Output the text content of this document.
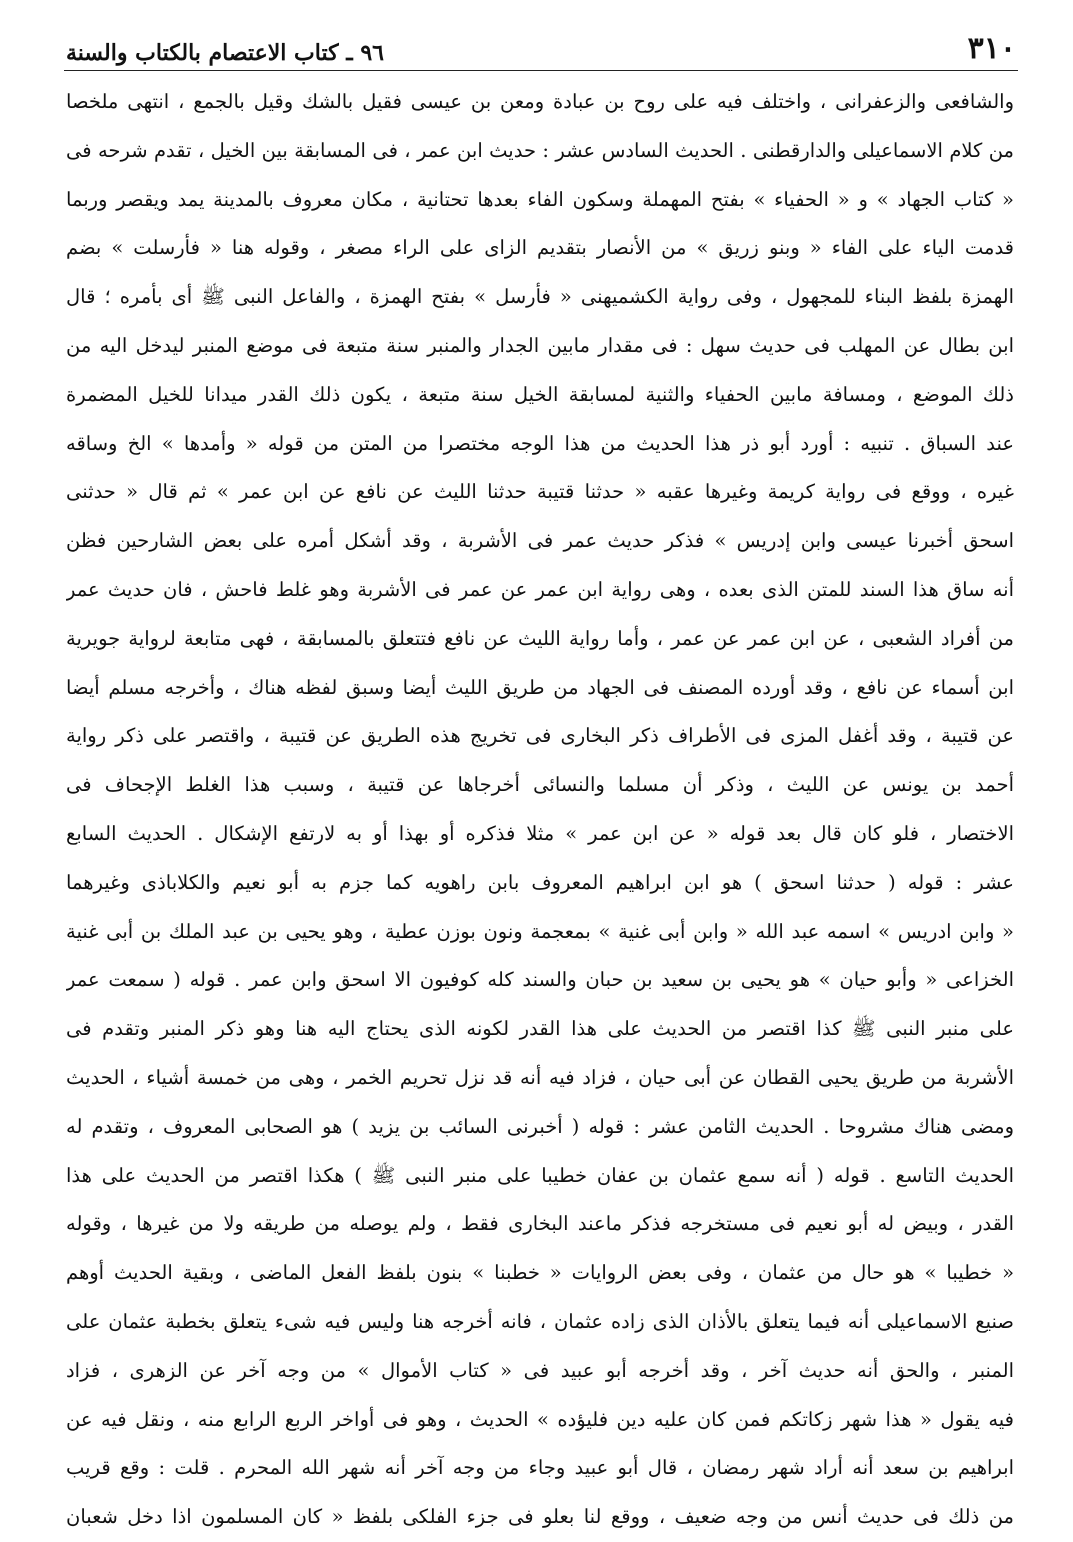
٣١٠
٩٦ ـ كتاب الاعتصام بالكتاب والسنة
والشافعى والزعفرانى ، واختلف فيه على روح بن عبادة ومعن بن عيسى فقيل بالشك وقيل بالجمع ، انتهى ملخصا
من كلام الاسماعيلى والدارقطنى . الحديث السادس عشر : حديث ابن عمر ، فى المسابقة بين الخيل ، تقدم شرحه فى
« كتاب الجهاد » و « الحفياء » بفتح المهملة وسكون الفاء بعدها تحتانية ، مكان معروف بالمدينة يمد ويقصر وربما
قدمت الياء على الفاء « وبنو زريق » من الأنصار بتقديم الزاى على الراء مصغر ، وقوله هنا « فأرسلت » بضم
الهمزة بلفظ البناء للمجهول ، وفى رواية الكشميهنى « فأرسل » بفتح الهمزة ، والفاعل النبى ﷺ أى بأمره ؛ قال
ابن بطال عن المهلب فى حديث سهل : فى مقدار مابين الجدار والمنبر سنة متبعة فى موضع المنبر ليدخل اليه من
ذلك الموضع ، ومسافة مابين الحفياء والثنية لمسابقة الخيل سنة متبعة ، يكون ذلك القدر ميدانا للخيل المضمرة
عند السباق . تنبيه : أورد أبو ذر هذا الحديث من هذا الوجه مختصرا من المتن من قوله « وأمدها » الخ وساقه
غيره ، ووقع فى رواية كريمة وغيرها عقبه « حدثنا قتيبة حدثنا الليث عن نافع عن ابن عمر » ثم قال « حدثنى
اسحق أخبرنا عيسى وابن إدريس » فذكر حديث عمر فى الأشربة ، وقد أشكل أمره على بعض الشارحين فظن
أنه ساق هذا السند للمتن الذى بعده ، وهى رواية ابن عمر عن عمر فى الأشربة وهو غلط فاحش ، فان حديث عمر
من أفراد الشعبى ، عن ابن عمر عن عمر ، وأما رواية الليث عن نافع فتتعلق بالمسابقة ، فهى متابعة لرواية جويرية
ابن أسماء عن نافع ، وقد أورده المصنف فى الجهاد من طريق الليث أيضا وسبق لفظه هناك ، وأخرجه مسلم أيضا
عن قتيبة ، وقد أغفل المزى فى الأطراف ذكر البخارى فى تخريج هذه الطريق عن قتيبة ، واقتصر على ذكر رواية
أحمد بن يونس عن الليث ، وذكر أن مسلما والنسائى أخرجاها عن قتيبة ، وسبب هذا الغلط الإجحاف فى
الاختصار ، فلو كان قال بعد قوله « عن ابن عمر » مثلا فذكره أو بهذا أو به لارتفع الإشكال . الحديث السابع
عشر : قوله ( حدثنا اسحق ) هو ابن ابراهيم المعروف بابن راهويه كما جزم به أبو نعيم والكلاباذى وغيرهما
« وابن ادريس » اسمه عبد الله « وابن أبى غنية » بمعجمة ونون بوزن عطية ، وهو يحيى بن عبد الملك بن أبى غنية
الخزاعى « وأبو حيان » هو يحيى بن سعيد بن حبان والسند كله كوفيون الا اسحق وابن عمر . قوله ( سمعت عمر
على منبر النبى ﷺ كذا اقتصر من الحديث على هذا القدر لكونه الذى يحتاج اليه هنا وهو ذكر المنبر وتقدم فى
الأشربة من طريق يحيى القطان عن أبى حيان ، فزاد فيه أنه قد نزل تحريم الخمر ، وهى من خمسة أشياء ، الحديث
ومضى هناك مشروحا . الحديث الثامن عشر : قوله ( أخبرنى السائب بن يزيد ) هو الصحابى المعروف ، وتقدم له
الحديث التاسع . قوله ( أنه سمع عثمان بن عفان خطيبا على منبر النبى ﷺ ) هكذا اقتصر من الحديث على هذا
القدر ، وبيض له أبو نعيم فى مستخرجه فذكر ماعند البخارى فقط ، ولم يوصله من طريقه ولا من غيرها ، وقوله
« خطيبا » هو حال من عثمان ، وفى بعض الروايات « خطبنا » بنون بلفظ الفعل الماضى ، وبقية الحديث أوهم
صنيع الاسماعيلى أنه فيما يتعلق بالأذان الذى زاده عثمان ، فانه أخرجه هنا وليس فيه شىء يتعلق بخطبة عثمان على
المنبر ، والحق أنه حديث آخر ، وقد أخرجه أبو عبيد فى « كتاب الأموال » من وجه آخر عن الزهرى ، فزاد
فيه يقول « هذا شهر زكاتكم فمن كان عليه دين فليؤده » الحديث ، وهو فى أواخر الربع الرابع منه ، ونقل فيه عن
ابراهيم بن سعد أنه أراد شهر رمضان ، قال أبو عبيد وجاء من وجه آخر أنه شهر الله المحرم . قلت : وقع قريب
من ذلك فى حديث أنس من وجه ضعيف ، ووقع لنا بعلو فى جزء الفلكى بلفظ « كان المسلمون اذا دخل شعبان
